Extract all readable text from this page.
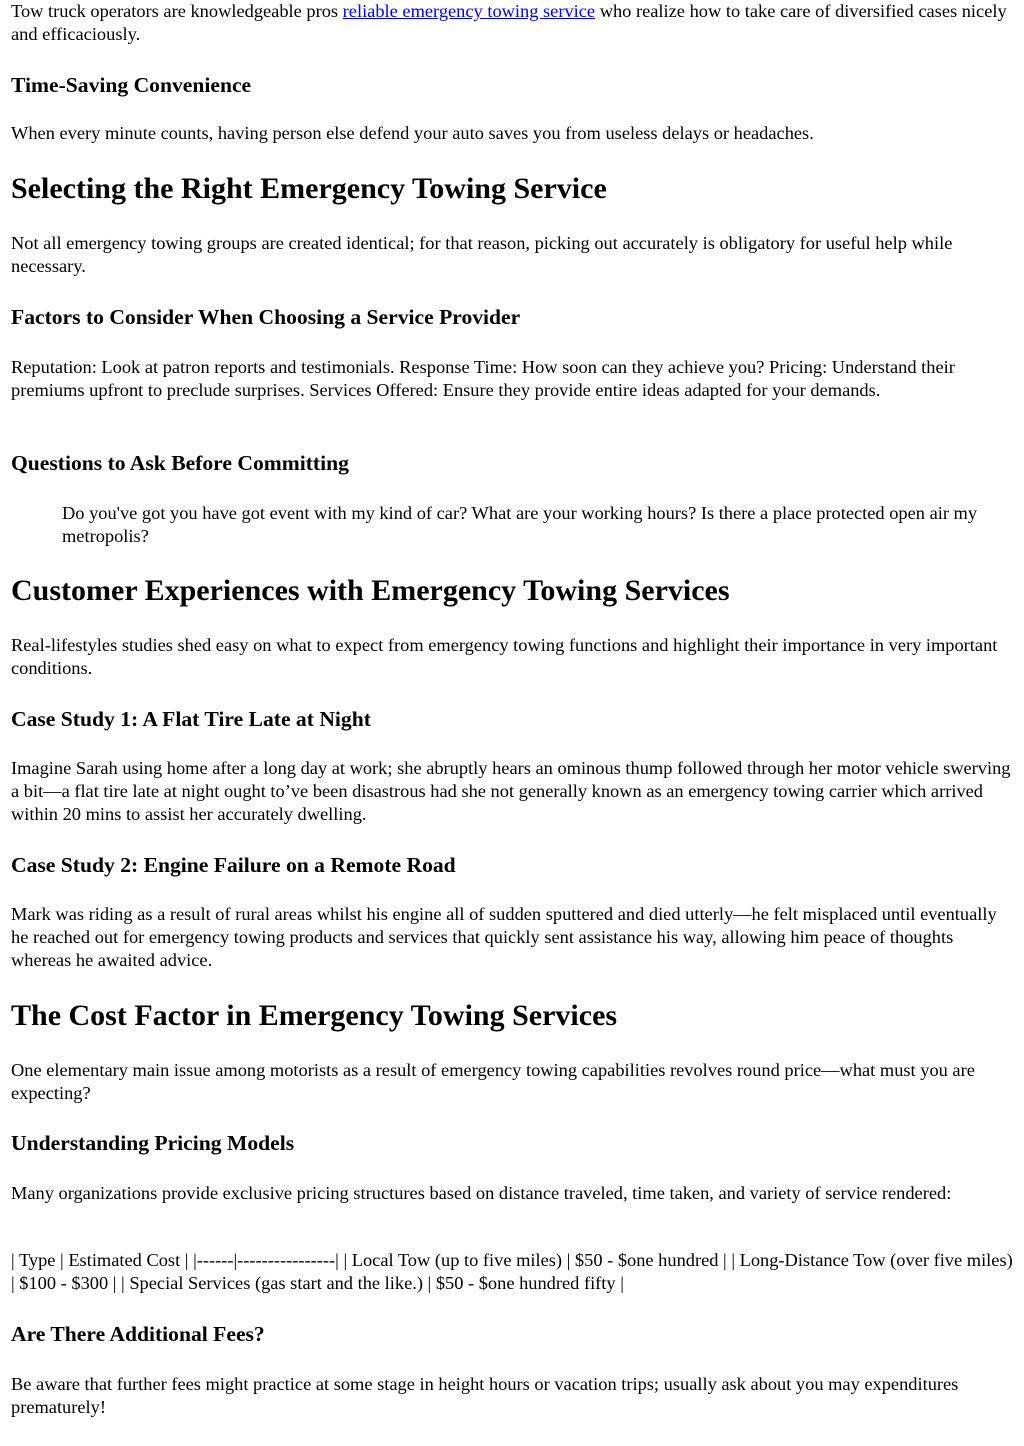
Tow truck operators are knowledgeable pros reliable emergency towing service who realize how to take care of diversified cases nicely and efficaciously.

Time-Saving Convenience

When every minute counts, having person else defend your auto saves you from useless delays or headaches.

Selecting the Right Emergency Towing Service

Not all emergency towing groups are created identical; for that reason, picking out accurately is obligatory for useful help while necessary.

Factors to Consider When Choosing a Service Provider

Reputation: Look at patron reports and testimonials. Response Time: How soon can they achieve you? Pricing: Understand their premiums upfront to preclude surprises. Services Offered: Ensure they provide entire ideas adapted for your demands.

Questions to Ask Before Committing

Do you've got you have got event with my kind of car? What are your working hours? Is there a place protected open air my metropolis?

Customer Experiences with Emergency Towing Services

Real-lifestyles studies shed easy on what to expect from emergency towing functions and highlight their importance in very important conditions.

Case Study 1: A Flat Tire Late at Night

Imagine Sarah using home after a long day at work; she abruptly hears an ominous thump followed through her motor vehicle swerving a bit—a flat tire late at night ought to’ve been disastrous had she not generally known as an emergency towing carrier which arrived within 20 mins to assist her accurately dwelling.

Case Study 2: Engine Failure on a Remote Road

Mark was riding as a result of rural areas whilst his engine all of sudden sputtered and died utterly—he felt misplaced until eventually he reached out for emergency towing products and services that quickly sent assistance his way, allowing him peace of thoughts whereas he awaited advice.

The Cost Factor in Emergency Towing Services

One elementary main issue among motorists as a result of emergency towing capabilities revolves round price—what must you are expecting?

Understanding Pricing Models

Many organizations provide exclusive pricing structures based on distance traveled, time taken, and variety of service rendered:

| Type | Estimated Cost | |------|----------------| | Local Tow (up to five miles) | $50 - $one hundred | | Long-Distance Tow (over five miles) | $100 - $300 | | Special Services (gas start and the like.) | $50 - $one hundred fifty |

Are There Additional Fees?

Be aware that further fees might practice at some stage in height hours or vacation trips; usually ask about you may expenditures prematurely!
